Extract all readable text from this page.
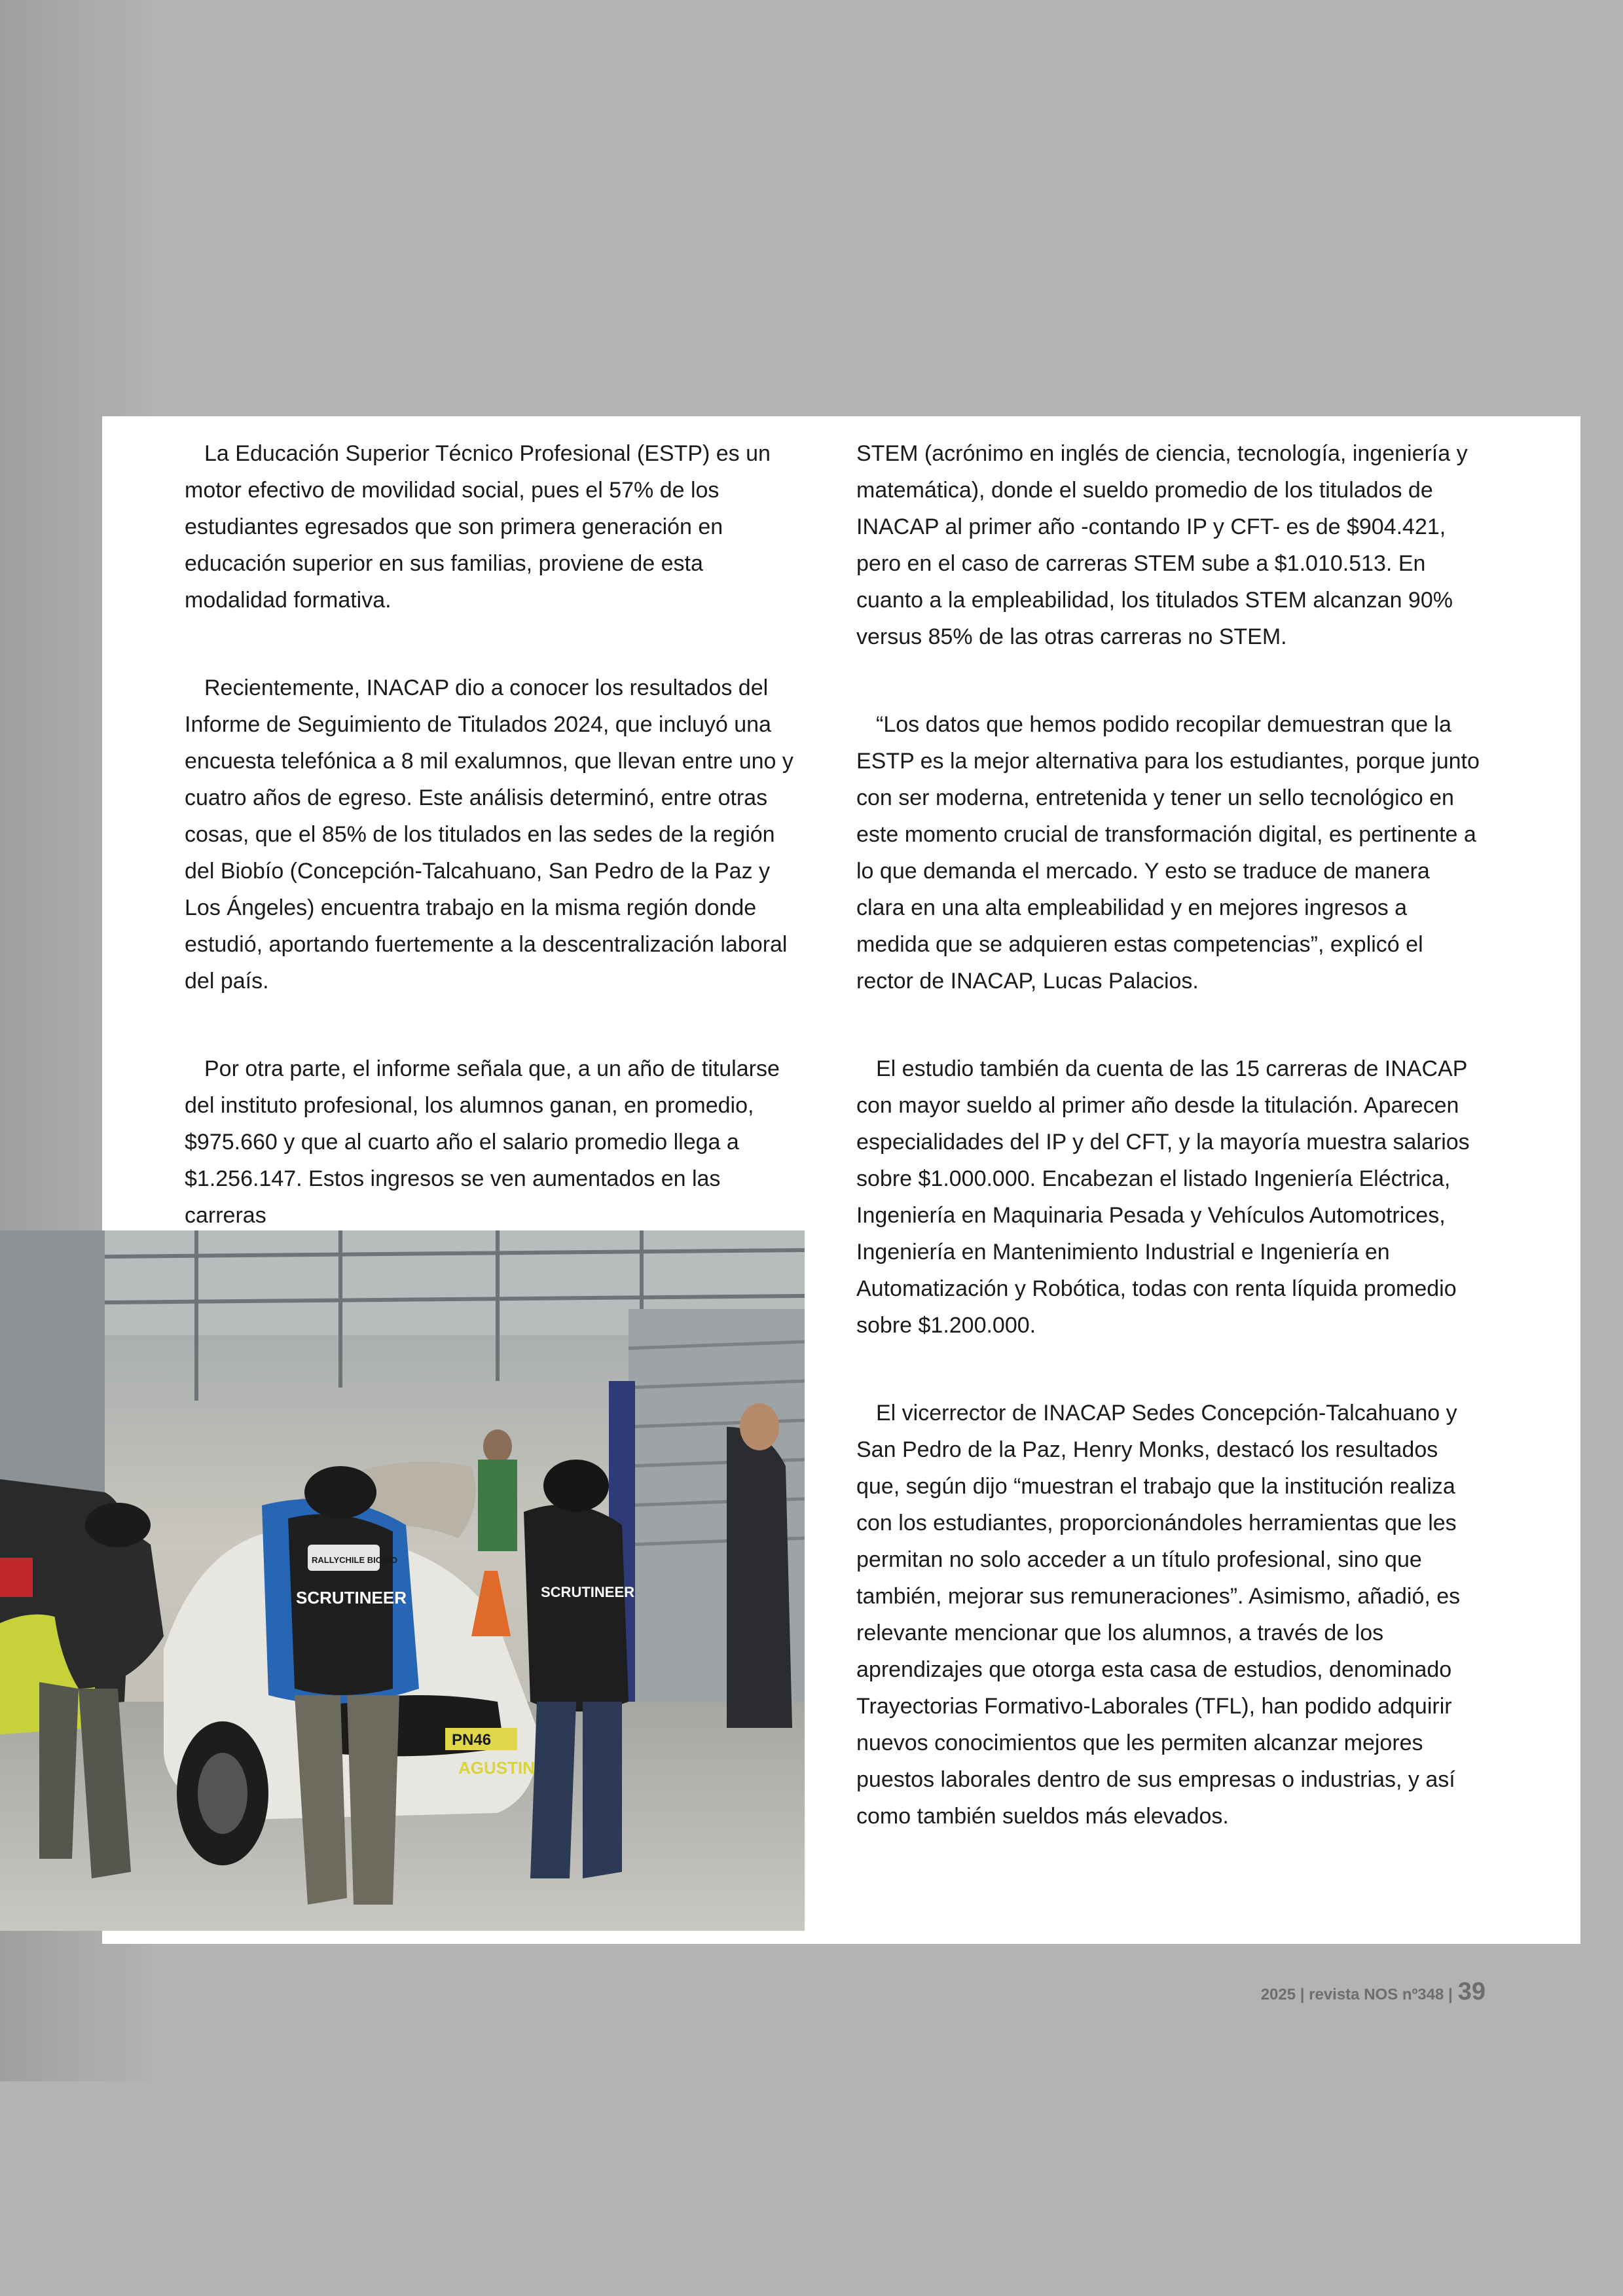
La Educación Superior Técnico Profesional (ESTP) es un motor efectivo de movilidad social, pues el 57% de los estudiantes egresados que son primera generación en educación superior en sus familias, proviene de esta modalidad formativa.

Recientemente, INACAP dio a conocer los resultados del Informe de Seguimiento de Titulados 2024, que incluyó una encuesta telefónica a 8 mil exalumnos, que llevan entre uno y cuatro años de egreso. Este análisis determinó, entre otras cosas, que el 85% de los titulados en las sedes de la región del Biobío (Concepción-Talcahuano, San Pedro de la Paz y Los Ángeles) encuentra trabajo en la misma región donde estudió, aportando fuertemente a la descentralización laboral del país.

Por otra parte, el informe señala que, a un año de titularse del instituto profesional, los alumnos ganan, en promedio, $975.660 y que al cuarto año el salario promedio llega a $1.256.147. Estos ingresos se ven aumentados en las carreras

STEM (acrónimo en inglés de ciencia, tecnología, ingeniería y matemática), donde el sueldo promedio de los titulados de INACAP al primer año -contando IP y CFT- es de $904.421, pero en el caso de carreras STEM sube a $1.010.513. En cuanto a la empleabilidad, los titulados STEM alcanzan 90% versus 85% de las otras carreras no STEM.

“Los datos que hemos podido recopilar demuestran que la ESTP es la mejor alternativa para los estudiantes, porque junto con ser moderna, entretenida y tener un sello tecnológico en este momento crucial de transformación digital, es pertinente a lo que demanda el mercado. Y esto se traduce de manera clara en una alta empleabilidad y en mejores ingresos a medida que se adquieren estas competencias”, explicó el rector de INACAP, Lucas Palacios.

El estudio también da cuenta de las 15 carreras de INACAP con mayor sueldo al primer año desde la titulación. Aparecen especialidades del IP y del CFT, y la mayoría muestra salarios sobre $1.000.000. Encabezan el listado Ingeniería Eléctrica, Ingeniería en Maquinaria Pesada y Vehículos Automotrices, Ingeniería en Mantenimiento Industrial e Ingeniería en Automatización y Robótica, todas con renta líquida promedio sobre $1.200.000.

El vicerrector de INACAP Sedes Concepción-Talcahuano y San Pedro de la Paz, Henry Monks, destacó los resultados que, según dijo “muestran el trabajo que la institución realiza con los estudiantes, proporcionándoles herramientas que les permitan no solo acceder a un título profesional, sino que también, mejorar sus remuneraciones”. Asimismo, añadió, es relevante mencionar que los alumnos, a través de los aprendizajes que otorga esta casa de estudios, denominado Trayectorias Formativo-Laborales (TFL), han podido adquirir nuevos conocimientos que les permiten alcanzar mejores puestos laborales dentro de sus empresas o industrias, y así como también sueldos más elevados.

PN46
AGUSTIN
SCRUTINEER
RALLYCHILE BIOBIO
SCRUTINEER
2025 | revista NOS nº348 | 39
